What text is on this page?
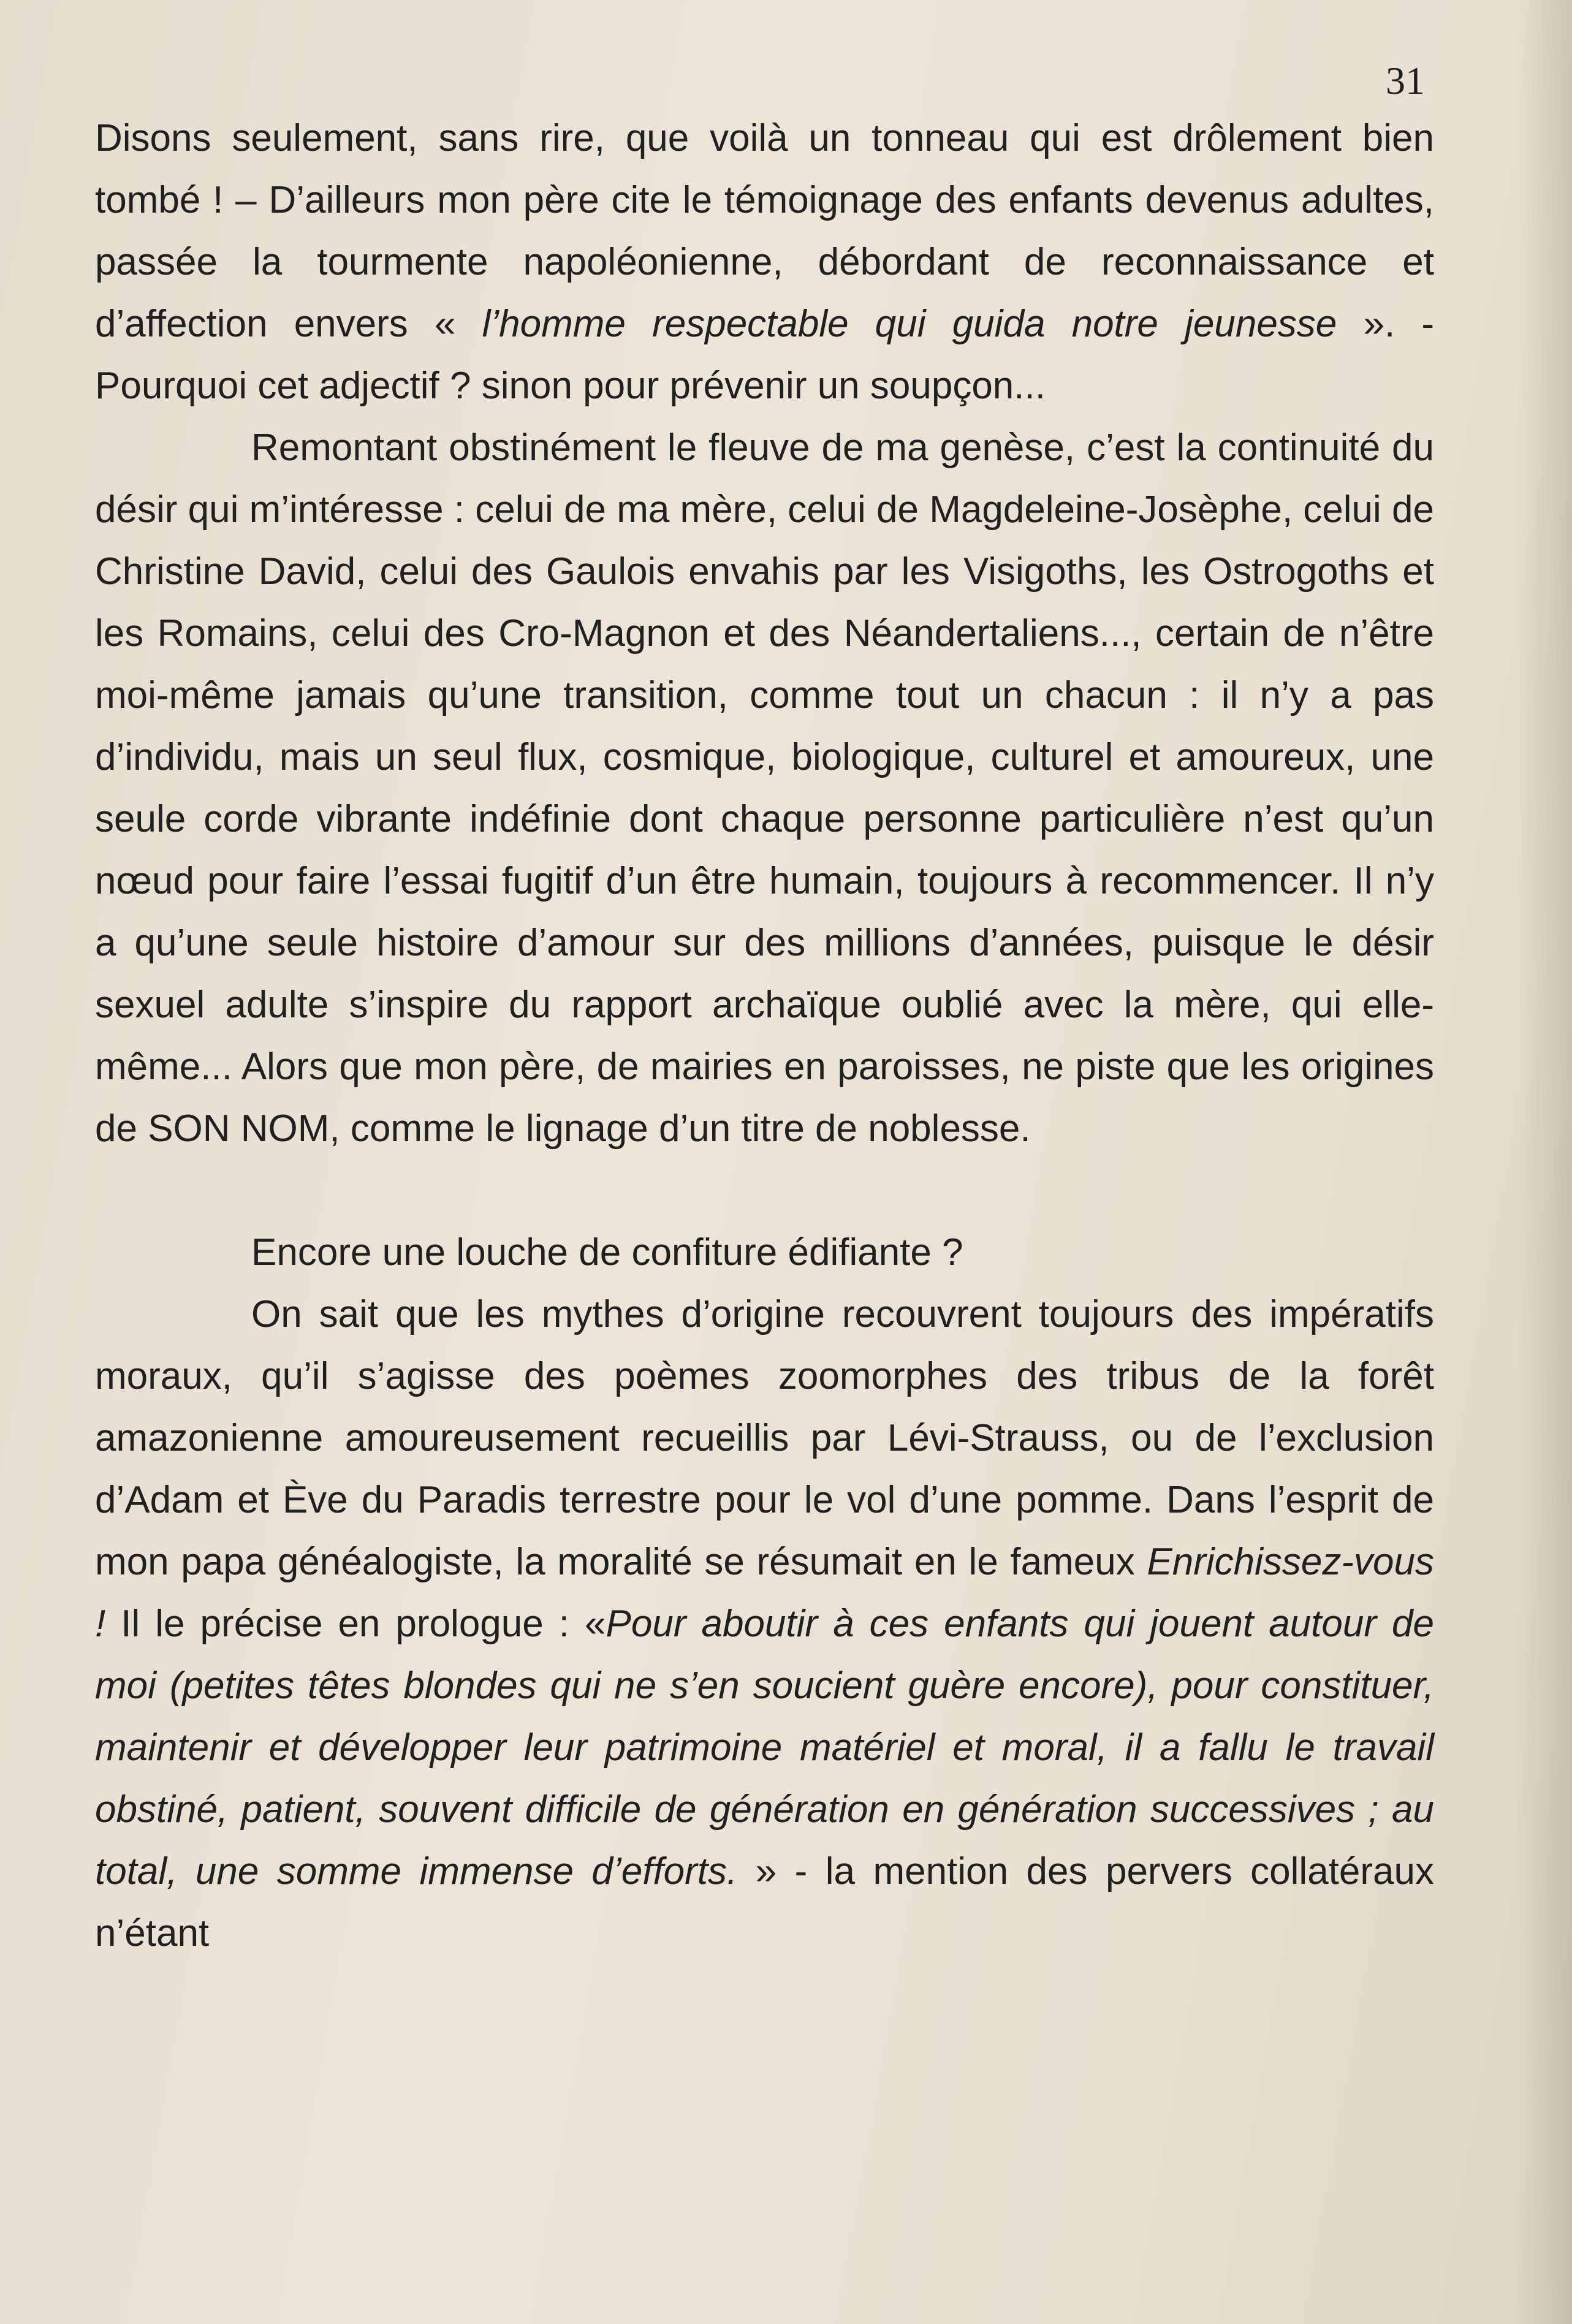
31

Disons seulement, sans rire, que voilà un tonneau qui est drôlement bien tombé ! – D’ailleurs mon père cite le témoignage des enfants devenus adultes, passée la tourmente napoléonienne, débordant de reconnaissance et d’affection envers « l’homme respectable qui guida notre jeunesse ». - Pourquoi cet adjectif ? sinon pour prévenir un soupçon...

Remontant obstinément le fleuve de ma genèse, c’est la continuité du désir qui m’intéresse : celui de ma mère, celui de Magdeleine-Josèphe, celui de Christine David, celui des Gaulois envahis par les Visigoths, les Ostrogoths et les Romains, celui des Cro-Magnon et des Néandertaliens..., certain de n’être moi-même jamais qu’une transition, comme tout un chacun : il n’y a pas d’individu, mais un seul flux, cosmique, biologique, culturel et amoureux, une seule corde vibrante indéfinie dont chaque personne particulière n’est qu’un nœud pour faire l’essai fugitif d’un être humain, toujours à recommencer. Il n’y a qu’une seule histoire d’amour sur des millions d’années, puisque le désir sexuel adulte s’inspire du rapport archaïque oublié avec la mère, qui elle-même... Alors que mon père, de mairies en paroisses, ne piste que les origines de SON NOM, comme le lignage d’un titre de noblesse.

Encore une louche de confiture édifiante ?

On sait que les mythes d’origine recouvrent toujours des impératifs moraux, qu’il s’agisse des poèmes zoomorphes des tribus de la forêt amazonienne amoureusement recueillis par Lévi-Strauss, ou de l’exclusion d’Adam et Ève du Paradis terrestre pour le vol d’une pomme. Dans l’esprit de mon papa généalogiste, la moralité se résumait en le fameux Enrichissez-vous ! Il le précise en prologue : «Pour aboutir à ces enfants qui jouent autour de moi (petites têtes blondes qui ne s’en soucient guère encore), pour constituer, maintenir et développer leur patrimoine matériel et moral, il a fallu le travail obstiné, patient, souvent difficile de génération en génération successives ; au total, une somme immense d’efforts. » - la mention des pervers collatéraux n’étant
